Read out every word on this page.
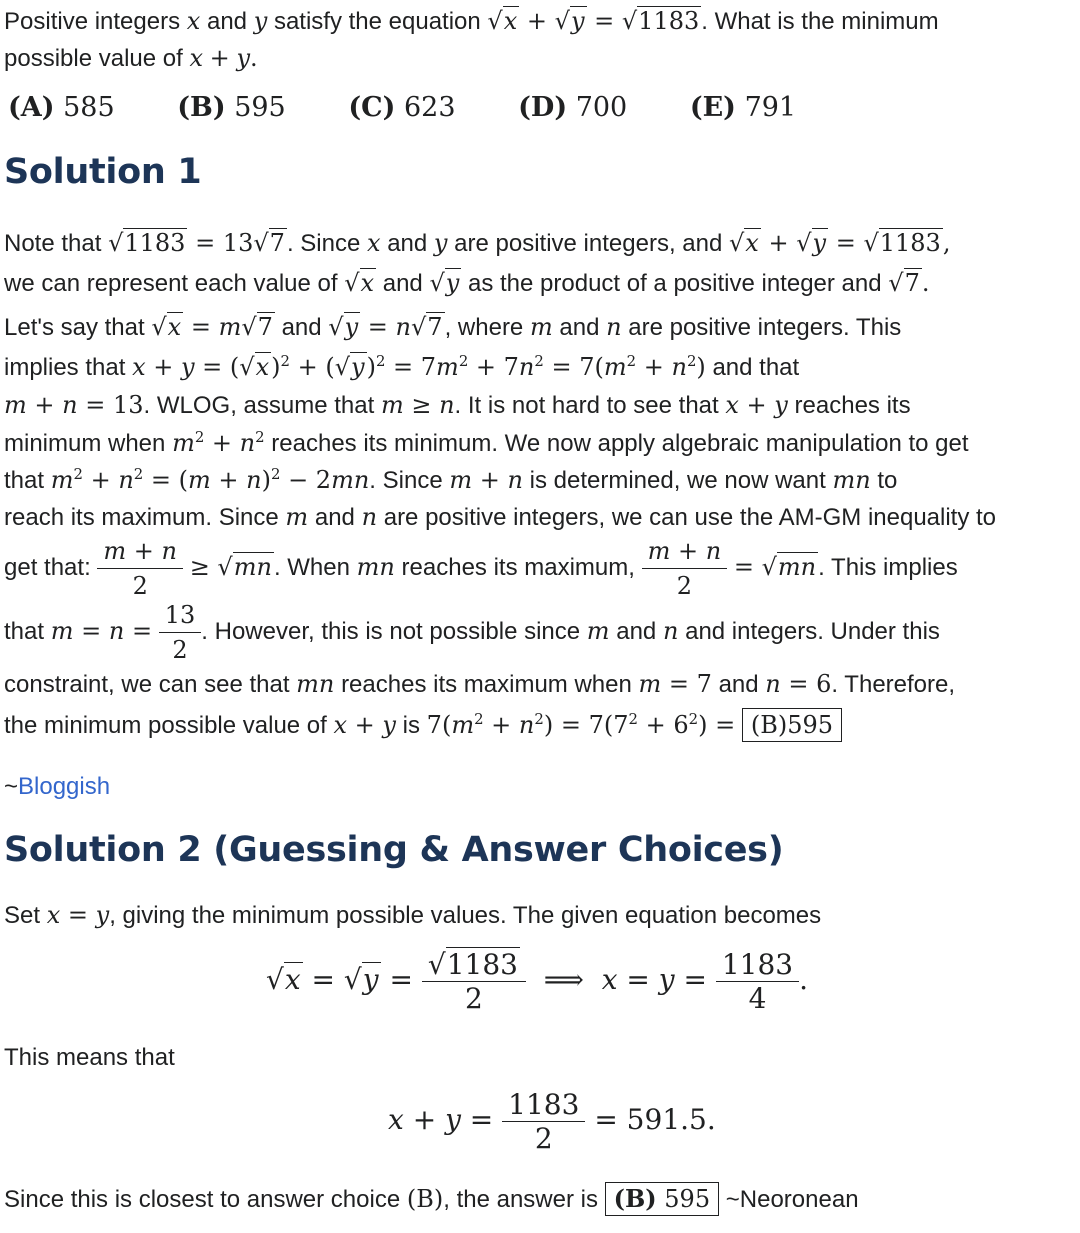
Positive integers x and y satisfy the equation √x + √y = √1183. What is the minimum
possible value of x + y.
(A) 585 (B) 595 (C) 623 (D) 700 (E) 791
Solution 1
Note that √1183 = 13√7. Since x and y are positive integers, and √x + √y = √1183,
we can represent each value of √x and √y as the product of a positive integer and √7.
Let's say that √x = m√7 and √y = n√7, where m and n are positive integers. This
implies that $x + y = (√x)^2 + (√y)^2 = 7m^2 + 7n^2 = 7(m^2 + n^2)$ and that
m + n = 13. WLOG, assume that m ≥ n. It is not hard to see that x + y reaches its
minimum when $m^2 + n^2$ reaches its minimum. We now apply algebraic manipulation to get
that $m^2 + n^2 = (m + n)^2 - 2mn$. Since m + n is determined, we now want mn to
reach its maximum. Since m and n are positive integers, we can use the AM-GM inequality to
get that: $\frac{m + n}{2} \ge √mn$. When mn reaches its maximum, $\frac{m + n}{2} = √mn$. This implies
that $m = n = \frac{13}{2}$ . However, this is not possible since m and n and integers. Under this
constraint, we can see that mn reaches its maximum when m = 7 and n = 6. Therefore,
the minimum possible value of x + y is $7(m^2 + n^2) = 7(7^2 + 6^2) = (B)595$
~Bloggish
Solution 2 (Guessing & Answer Choices)
Set x = y, giving the minimum possible values. The given equation becomes
$√x = √y = \frac{√1183}{2}$ ⟹  $x = y = \frac{1183}{4}$ .
This means that
$x + y = \frac{1183}{2} = 591.5$.
Since this is closest to answer choice (B), the answer is (B) 595 ~Neoronean
